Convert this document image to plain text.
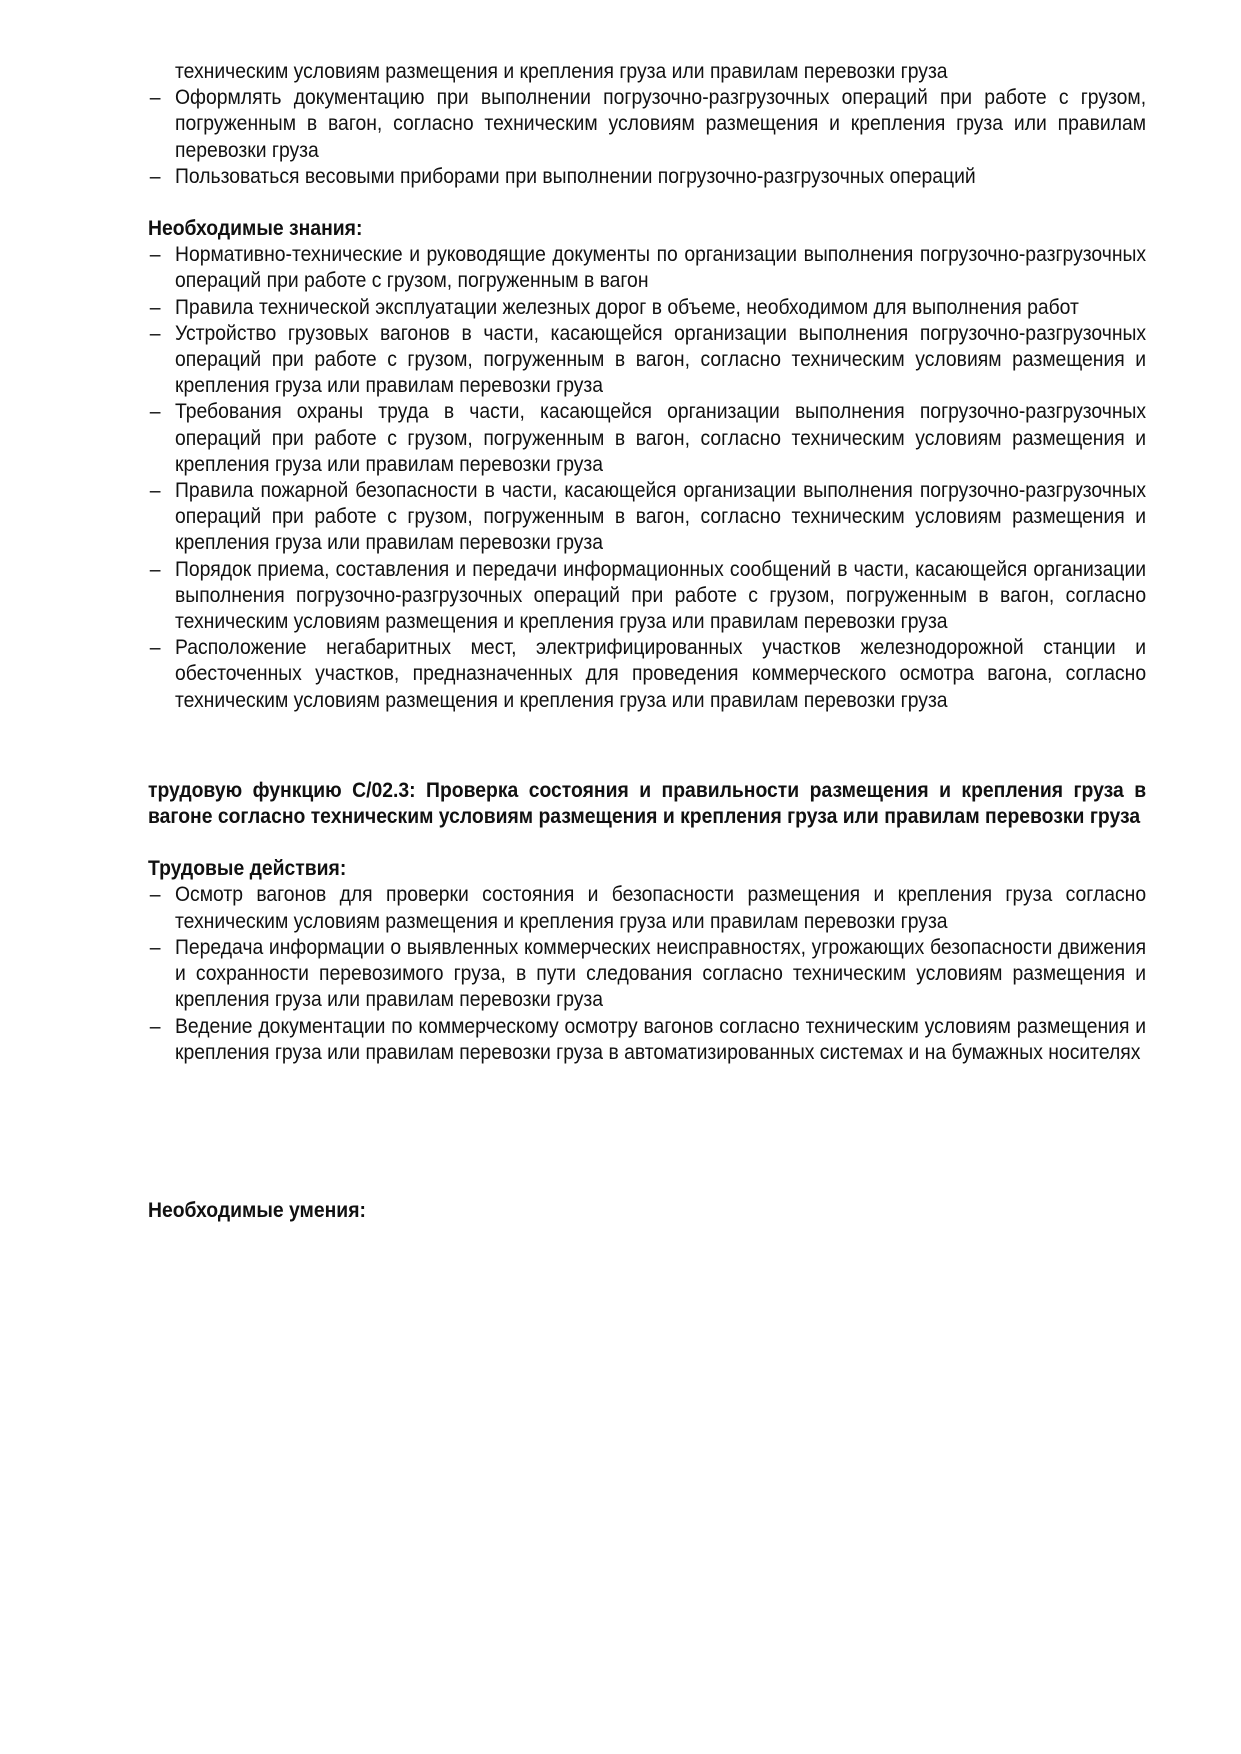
техническим условиям размещения и крепления груза или правилам перевозки груза
– Оформлять документацию при выполнении погрузочно-разгрузочных операций при работе с грузом, погруженным в вагон, согласно техническим условиям размещения и крепления груза или правилам перевозки груза
– Пользоваться весовыми приборами при выполнении погрузочно-разгрузочных операций

Необходимые знания:

– Нормативно-технические и руководящие документы по организации выполнения погрузочно-разгрузочных операций при работе с грузом, погруженным в вагон
– Правила технической эксплуатации железных дорог в объеме, необходимом для выполнения работ
– Устройство грузовых вагонов в части, касающейся организации выполнения погрузочно-разгрузочных операций при работе с грузом, погруженным в вагон, согласно техническим условиям размещения и крепления груза или правилам перевозки груза
– Требования охраны труда в части, касающейся организации выполнения погрузочно-разгрузочных операций при работе с грузом, погруженным в вагон, согласно техническим условиям размещения и крепления груза или правилам перевозки груза
– Правила пожарной безопасности в части, касающейся организации выполнения погрузочно-разгрузочных операций при работе с грузом, погруженным в вагон, согласно техническим условиям размещения и крепления груза или правилам перевозки груза
– Порядок приема, составления и передачи информационных сообщений в части, касающейся организации выполнения погрузочно-разгрузочных операций при работе с грузом, погруженным в вагон, согласно техническим условиям размещения и крепления груза или правилам перевозки груза
– Расположение негабаритных мест, электрифицированных участков железнодорожной станции и обесточенных участков, предназначенных для проведения коммерческого осмотра вагона, согласно техническим условиям размещения и крепления груза или правилам перевозки груза

трудовую функцию С/02.3: Проверка состояния и правильности размещения и крепления груза в вагоне согласно техническим условиям размещения и крепления груза или правилам перевозки груза

Трудовые действия:

– Осмотр вагонов для проверки состояния и безопасности размещения и крепления груза согласно техническим условиям размещения и крепления груза или правилам перевозки груза
– Передача информации о выявленных коммерческих неисправностях, угрожающих безопасности движения и сохранности перевозимого груза, в пути следования согласно техническим условиям размещения и крепления груза или правилам перевозки груза
– Ведение документации по коммерческому осмотру вагонов согласно техническим условиям размещения и крепления груза или правилам перевозки груза в автоматизированных системах и на бумажных носителях

Необходимые умения:
